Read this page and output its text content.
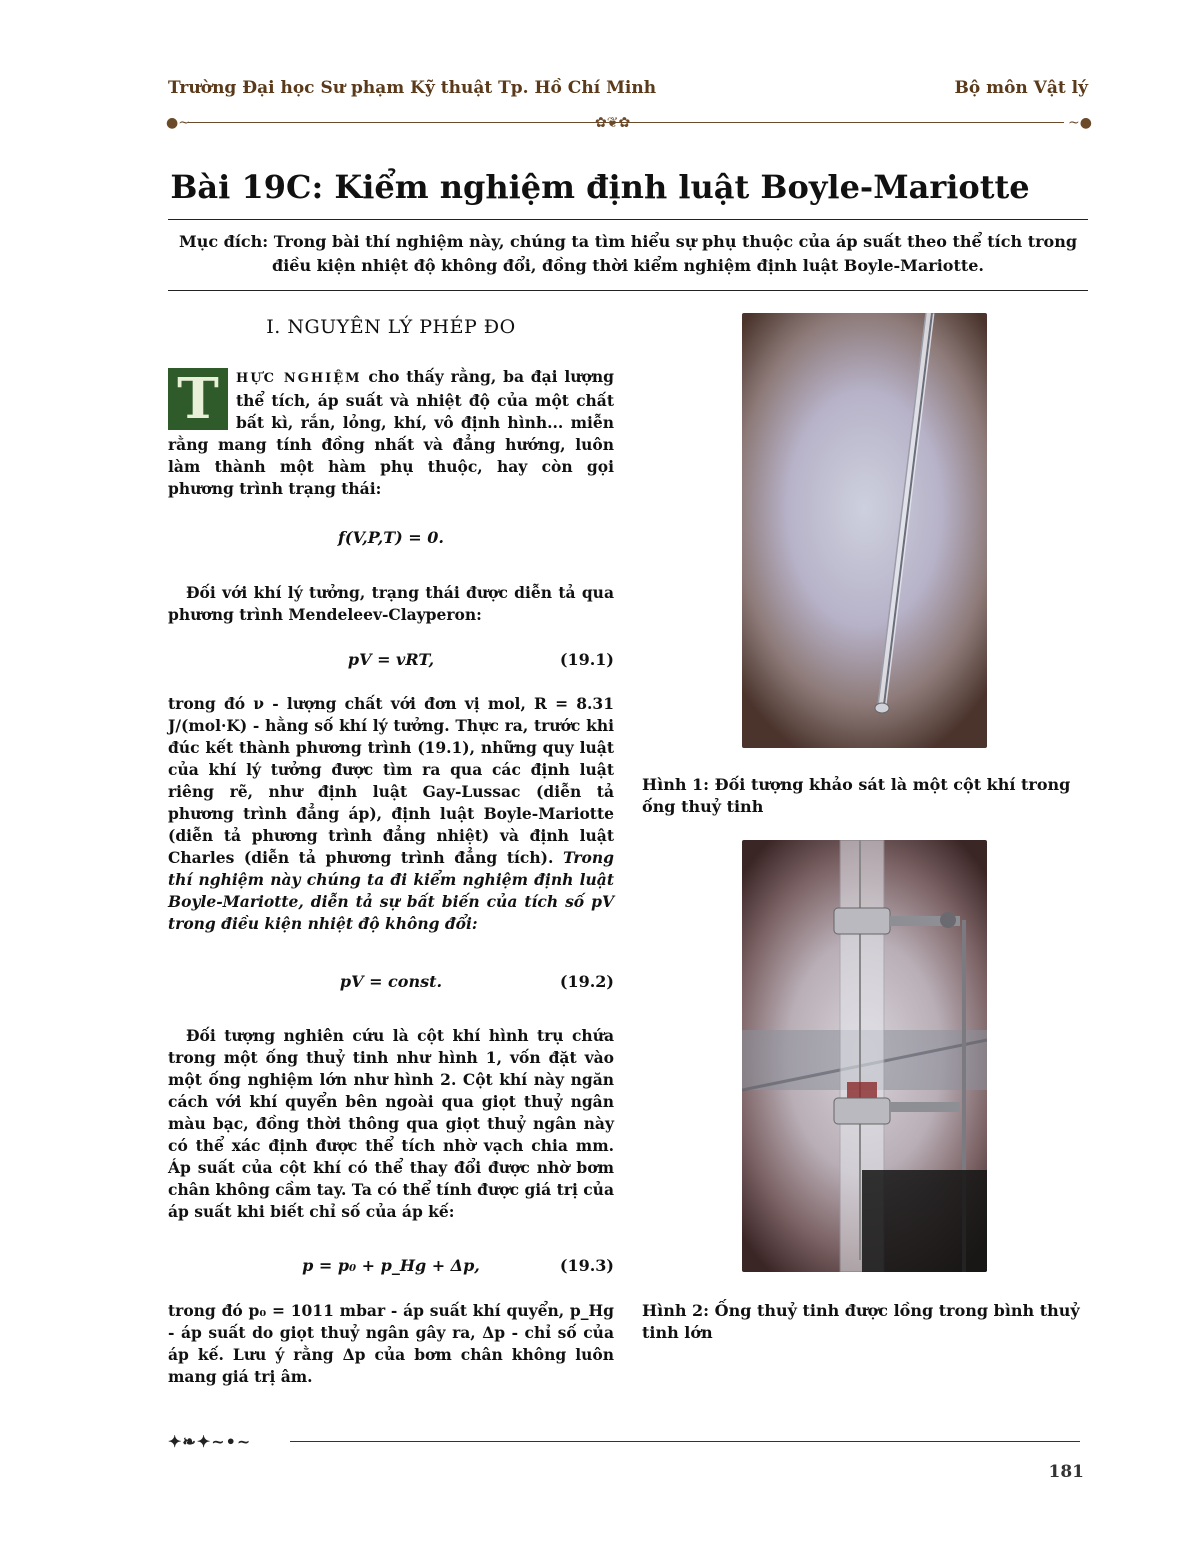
Trường Đại học Sư phạm Kỹ thuật Tp. Hồ Chí Minh	Bộ môn Vật lý
●~	✿❦✿	~●
Bài 19C: Kiểm nghiệm định luật Boyle-Mariotte
Mục đích: Trong bài thí nghiệm này, chúng ta tìm hiểu sự phụ thuộc của áp suất theo thể tích trong điều kiện nhiệt độ không đổi, đồng thời kiểm nghiệm định luật Boyle-Mariotte.
I. NGUYÊN LÝ PHÉP ĐO

T	HỰC NGHIỆM cho thấy rằng, ba đại lượng thể tích, áp suất và nhiệt độ của một chất bất kì, rắn, lỏng, khí, vô định hình... miễn rằng mang tính đồng nhất và đẳng hướng, luôn làm thành một hàm phụ thuộc, hay còn gọi phương trình trạng thái:

f(V,P,T) = 0.

Đối với khí lý tưởng, trạng thái được diễn tả qua phương trình Mendeleev-Clayperon:

pV = vRT,	(19.1)

trong đó ν - lượng chất với đơn vị mol, R = 8.31 J/(mol·K) - hằng số khí lý tưởng. Thực ra, trước khi đúc kết thành phương trình (19.1), những quy luật của khí lý tưởng được tìm ra qua các định luật riêng rẽ, như định luật Gay-Lussac (diễn tả phương trình đẳng áp), định luật Boyle-Mariotte (diễn tả phương trình đẳng nhiệt) và định luật Charles (diễn tả phương trình đẳng tích). Trong thí nghiệm này chúng ta đi kiểm nghiệm định luật Boyle-Mariotte, diễn tả sự bất biến của tích số pV trong điều kiện nhiệt độ không đổi:

pV = const.	(19.2)

Đối tượng nghiên cứu là cột khí hình trụ chứa trong một ống thuỷ tinh như hình 1, vốn đặt vào một ống nghiệm lớn như hình 2. Cột khí này ngăn cách với khí quyển bên ngoài qua giọt thuỷ ngân màu bạc, đồng thời thông qua giọt thuỷ ngân này có thể xác định được thể tích nhờ vạch chia mm. Áp suất của cột khí có thể thay đổi được nhờ bơm chân không cầm tay. Ta có thể tính được giá trị của áp suất khi biết chỉ số của áp kế:

p = p₀ + p_Hg + Δp,	(19.3)

trong đó p₀ = 1011 mbar - áp suất khí quyển, p_Hg - áp suất do giọt thuỷ ngân gây ra, Δp - chỉ số của áp kế. Lưu ý rằng Δp của bơm chân không luôn mang giá trị âm.

Hình 1: Đối tượng khảo sát là một cột khí trong ống thuỷ tinh
Hình 2: Ống thuỷ tinh được lồng trong bình thuỷ tinh lớn
✦❧✦~•~
181
